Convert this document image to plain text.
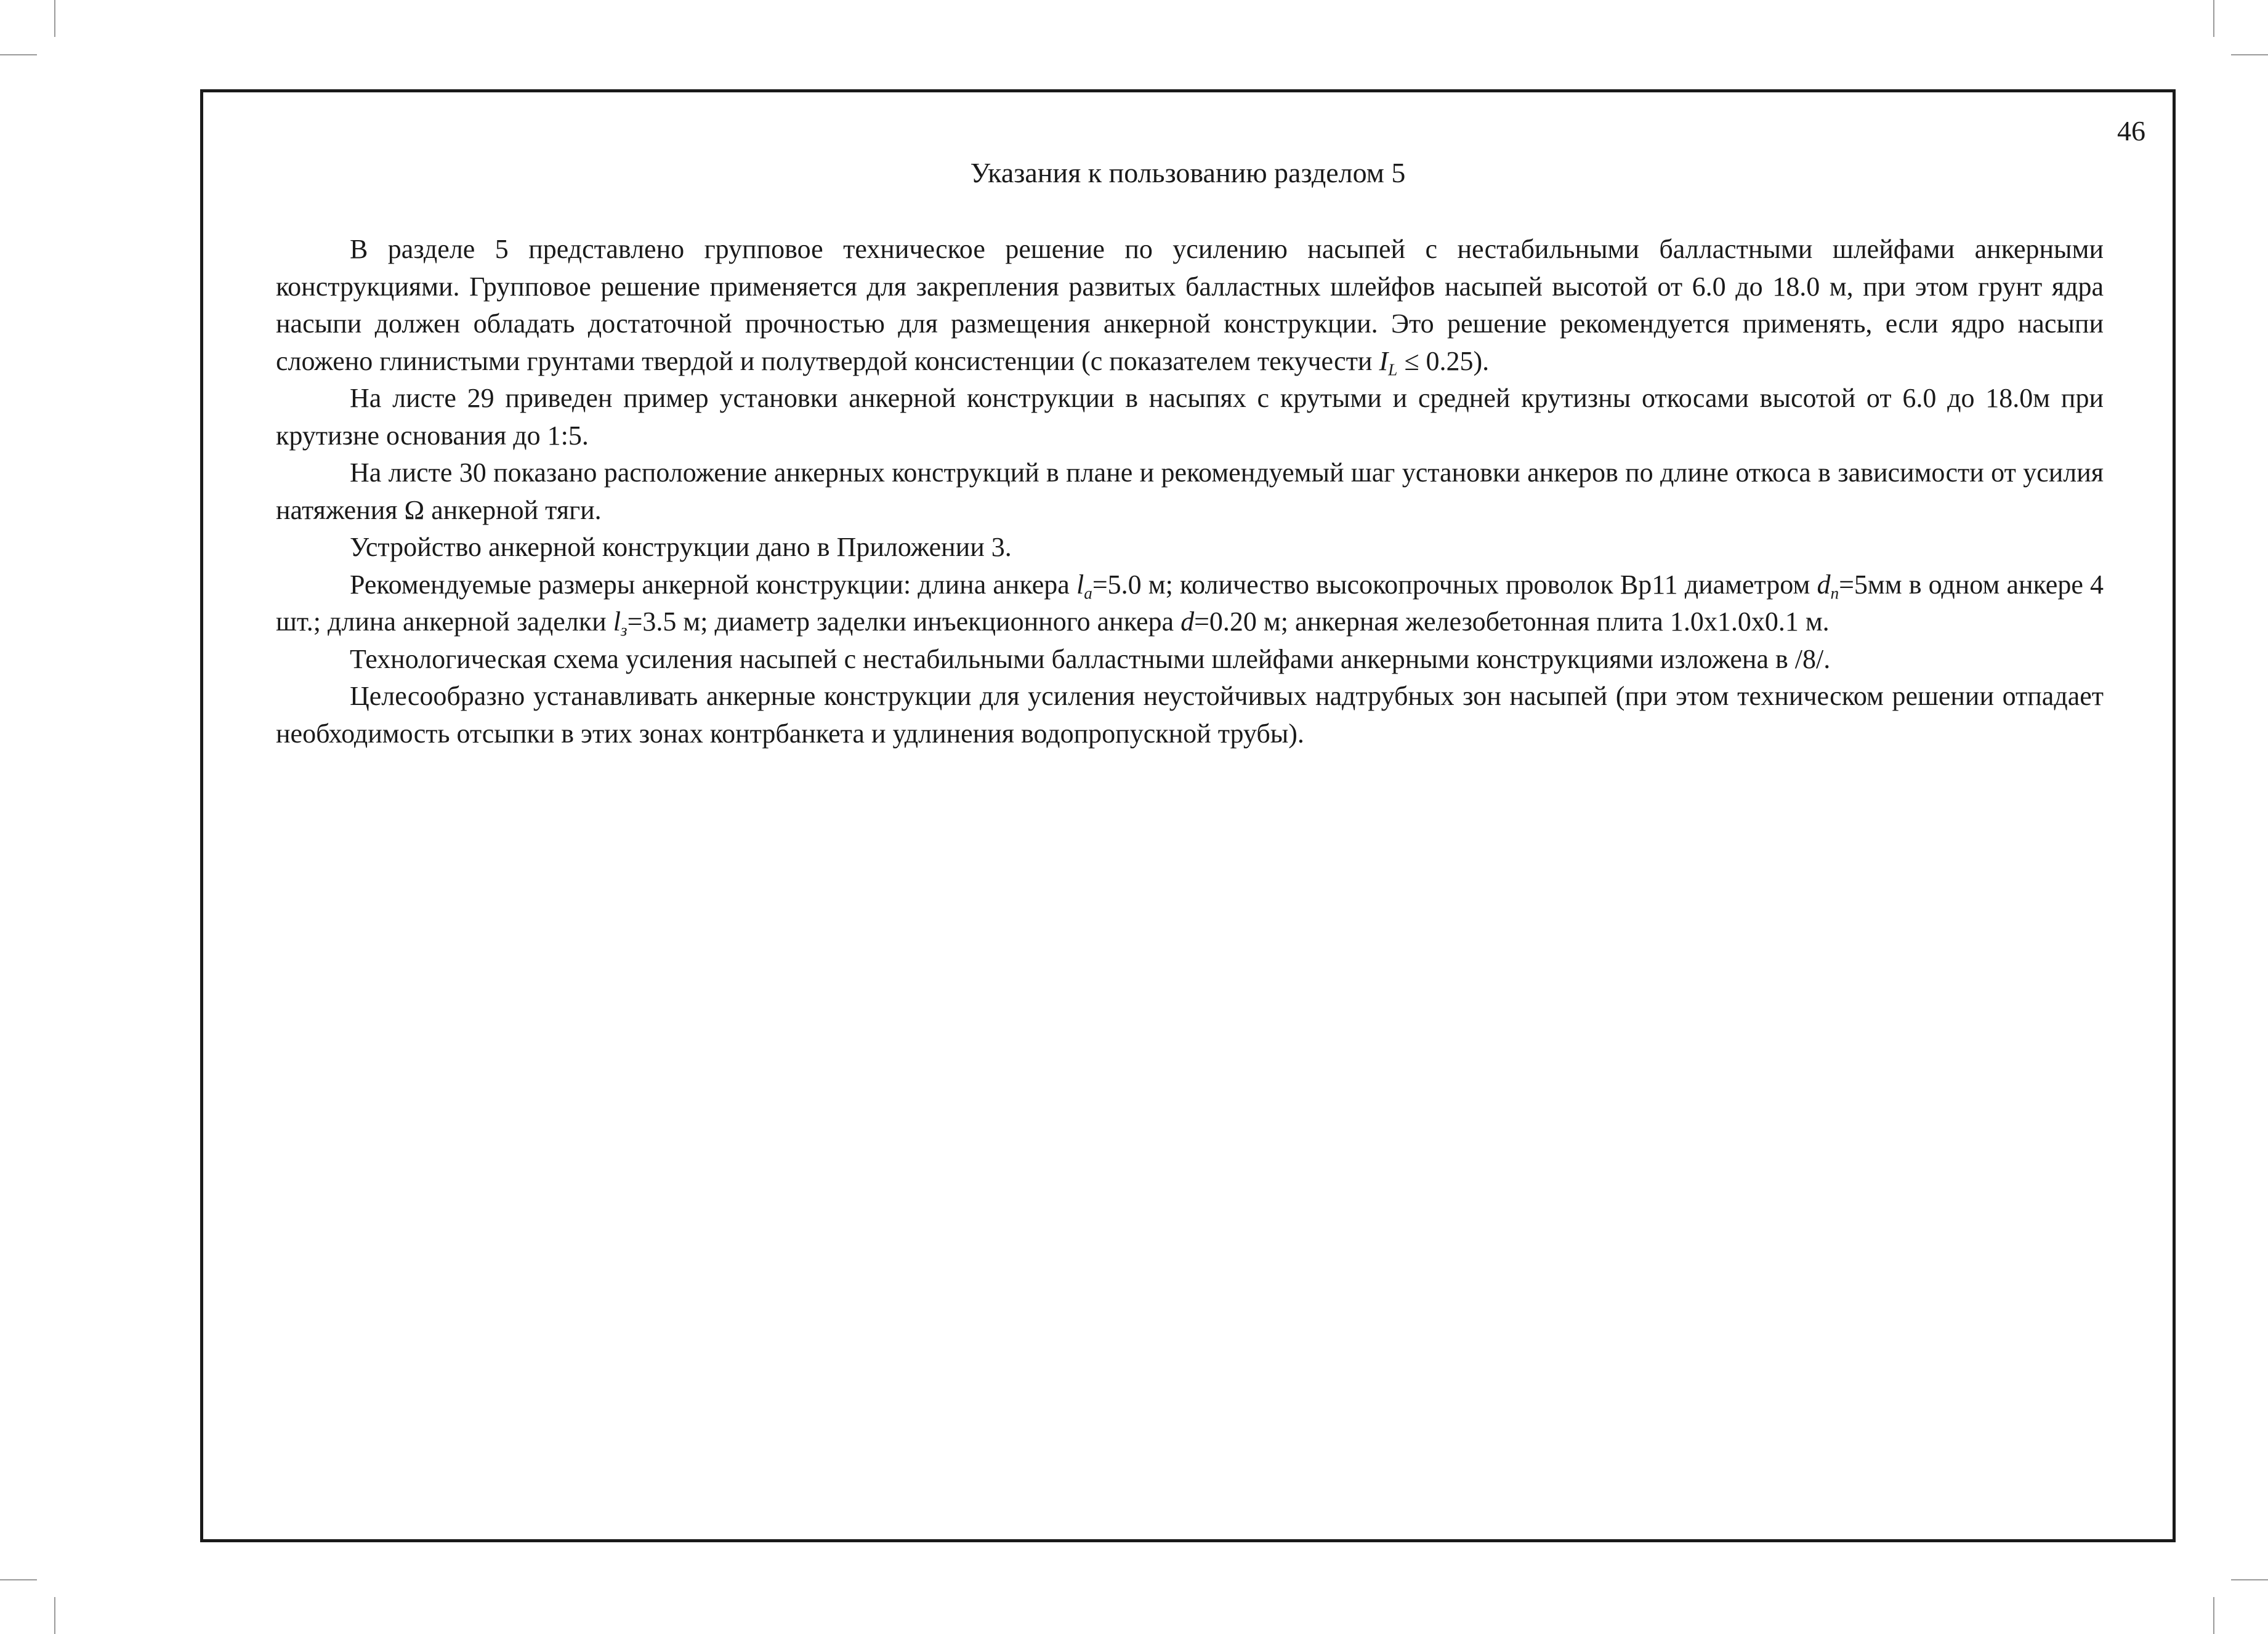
46
Указания к пользованию разделом 5

В разделе 5 представлено групповое техническое решение по усилению насыпей с нестабильными балластными шлейфами анкерными конструкциями. Групповое решение применяется для закрепления развитых балластных шлейфов насыпей высотой от 6.0 до 18.0 м, при этом грунт ядра насыпи должен обладать достаточной прочностью для размещения анкерной конструкции. Это решение рекомендуется применять, если ядро насыпи сложено глинистыми грунтами твердой и полутвердой консистенции (с показателем текучести $I_L \le 0.25$).

На листе 29 приведен пример установки анкерной конструкции в насыпях с крутыми и средней крутизны откосами высотой от 6.0 до 18.0м при крутизне основания до 1:5.

На листе 30 показано расположение анкерных конструкций в плане и рекомендуемый шаг установки анкеров по длине откоса в зависимости от усилия натяжения Ω анкерной тяги.

Устройство анкерной конструкции дано в Приложении 3.

Рекомендуемые размеры анкерной конструкции: длина анкера $l_a=5.0$ м; количество высокопрочных проволок Вр11 диаметром $d_n=5мм$ в одном анкере 4 шт.; длина анкерной заделки $l_з=3.5$ м; диаметр заделки инъекционного анкера d=0.20 м; анкерная железобетонная плита 1.0х1.0х0.1 м.

Технологическая схема усиления насыпей с нестабильными балластными шлейфами анкерными конструкциями изложена в /8/.

Целесообразно устанавливать анкерные конструкции для усиления неустойчивых надтрубных зон насыпей (при этом техническом решении отпадает необходимость отсыпки в этих зонах контрбанкета и удлинения водопропускной трубы).
